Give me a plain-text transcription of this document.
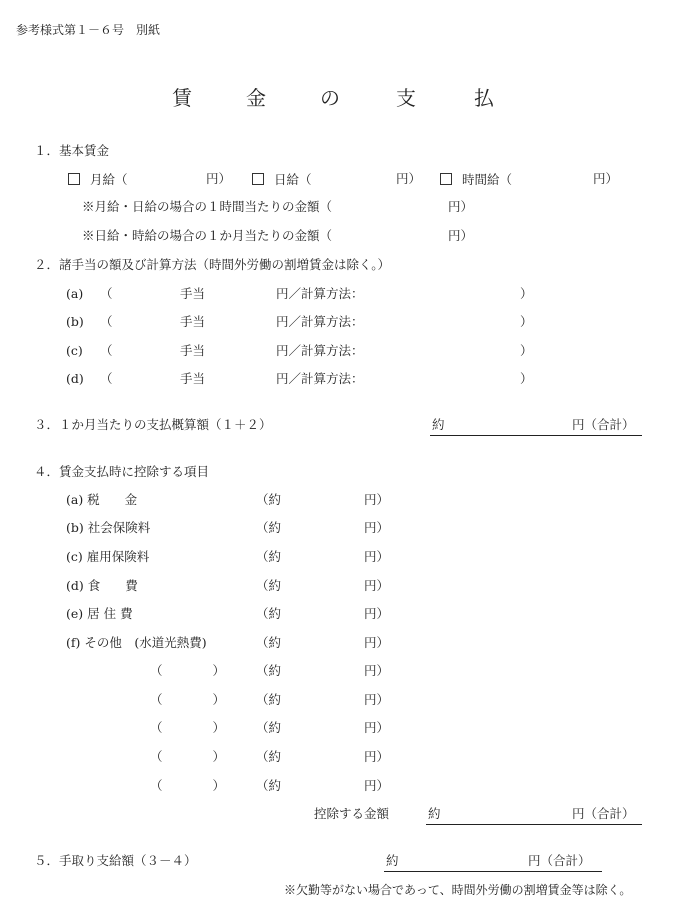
参考様式第１－６号　別紙
賃	金	の	支	払
１．基本賃金
月給（	円）	日給（	円）	時間給（	円）
※月給・日給の場合の１時間当たりの金額（	円）
※日給・時給の場合の１か月当たりの金額（	円）
２．諸手当の額及び計算方法（時間外労働の割増賃金は除く。）
(a) （	手当	円／計算方法：	）
(b) （	手当	円／計算方法：	）
(c) （	手当	円／計算方法：	）
(d) （	手当	円／計算方法：	）
３．１か月当たりの支払概算額（１＋２）	約	円（合計）
４．賃金支払時に控除する項目
(a) 税　　金	（約	円）
(b) 社会保険料	（約	円）
(c) 雇用保険料	（約	円）
(d) 食　　費	（約	円）
(e) 居 住 費	（約	円）
(f) その他　(水道光熱費)	（約	円）
（　　　　） （約	円）
（　　　　） （約	円）
（　　　　） （約	円）
（　　　　） （約	円）
（　　　　） （約	円）
控除する金額	約	円（合計）
５．手取り支給額（３－４）	約	円（合計）
※欠勤等がない場合であって、時間外労働の割増賃金等は除く。
